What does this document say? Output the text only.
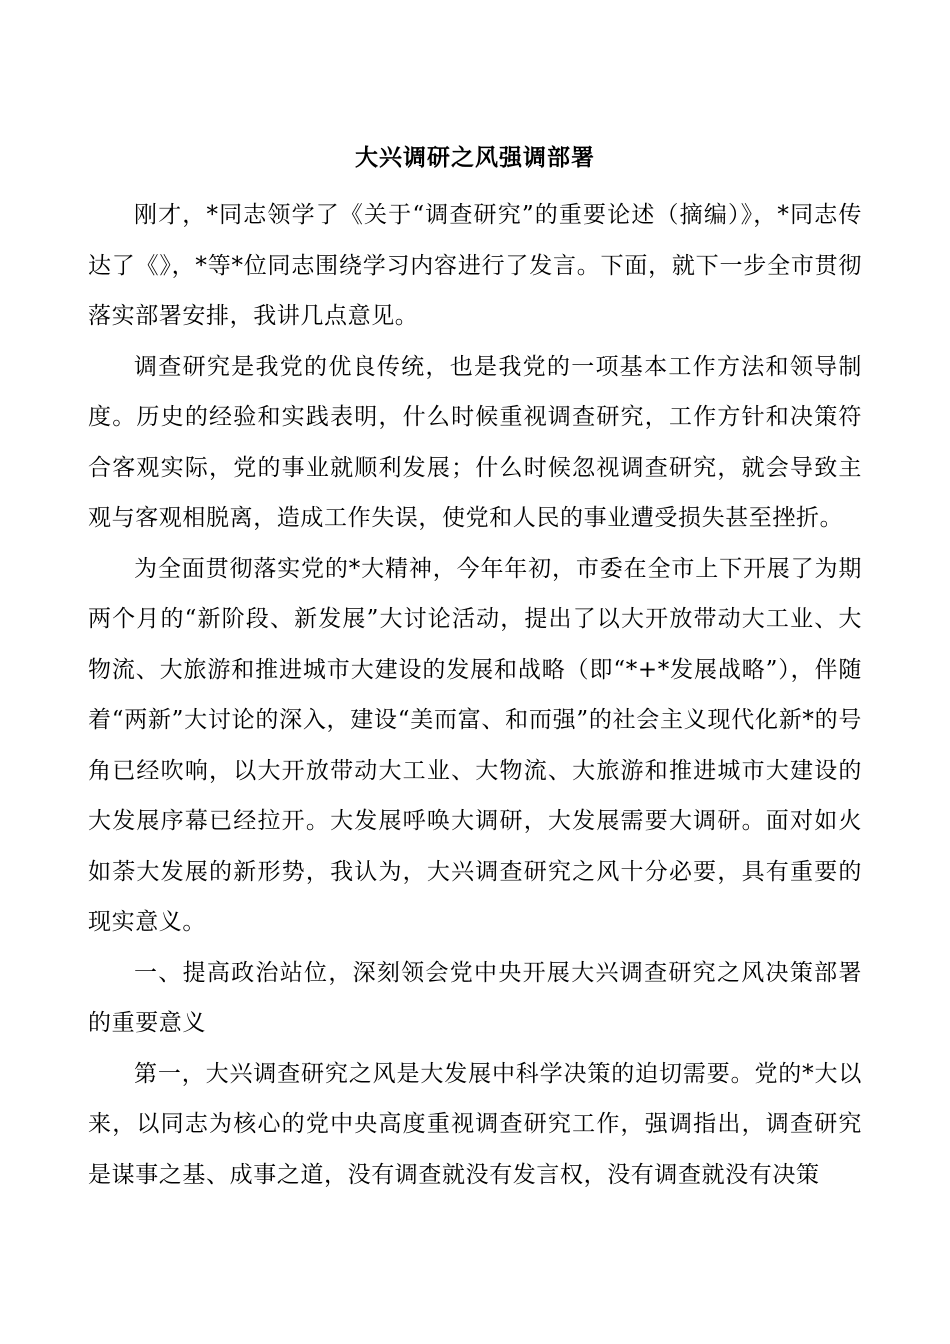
大兴调研之风强调部署

刚才，*同志领学了《关于“调查研究”的重要论述（摘编）》，*同志传达了《》，*等*位同志围绕学习内容进行了发言。下面，就下一步全市贯彻落实部署安排，我讲几点意见。

调查研究是我党的优良传统，也是我党的一项基本工作方法和领导制度。历史的经验和实践表明，什么时候重视调查研究，工作方针和决策符合客观实际，党的事业就顺利发展；什么时候忽视调查研究，就会导致主观与客观相脱离，造成工作失误，使党和人民的事业遭受损失甚至挫折。

为全面贯彻落实党的*大精神，今年年初，市委在全市上下开展了为期两个月的“新阶段、新发展”大讨论活动，提出了以大开放带动大工业、大物流、大旅游和推进城市大建设的发展和战略（即“*+*发展战略”），伴随着“两新”大讨论的深入，建设“美而富、和而强”的社会主义现代化新*的号角已经吹响，以大开放带动大工业、大物流、大旅游和推进城市大建设的大发展序幕已经拉开。大发展呼唤大调研，大发展需要大调研。面对如火如荼大发展的新形势，我认为，大兴调查研究之风十分必要，具有重要的现实意义。

一、提高政治站位，深刻领会党中央开展大兴调查研究之风决策部署的重要意义

第一，大兴调查研究之风是大发展中科学决策的迫切需要。党的*大以来，以同志为核心的党中央高度重视调查研究工作，强调指出，调查研究是谋事之基、成事之道，没有调查就没有发言权，没有调查就没有决策
